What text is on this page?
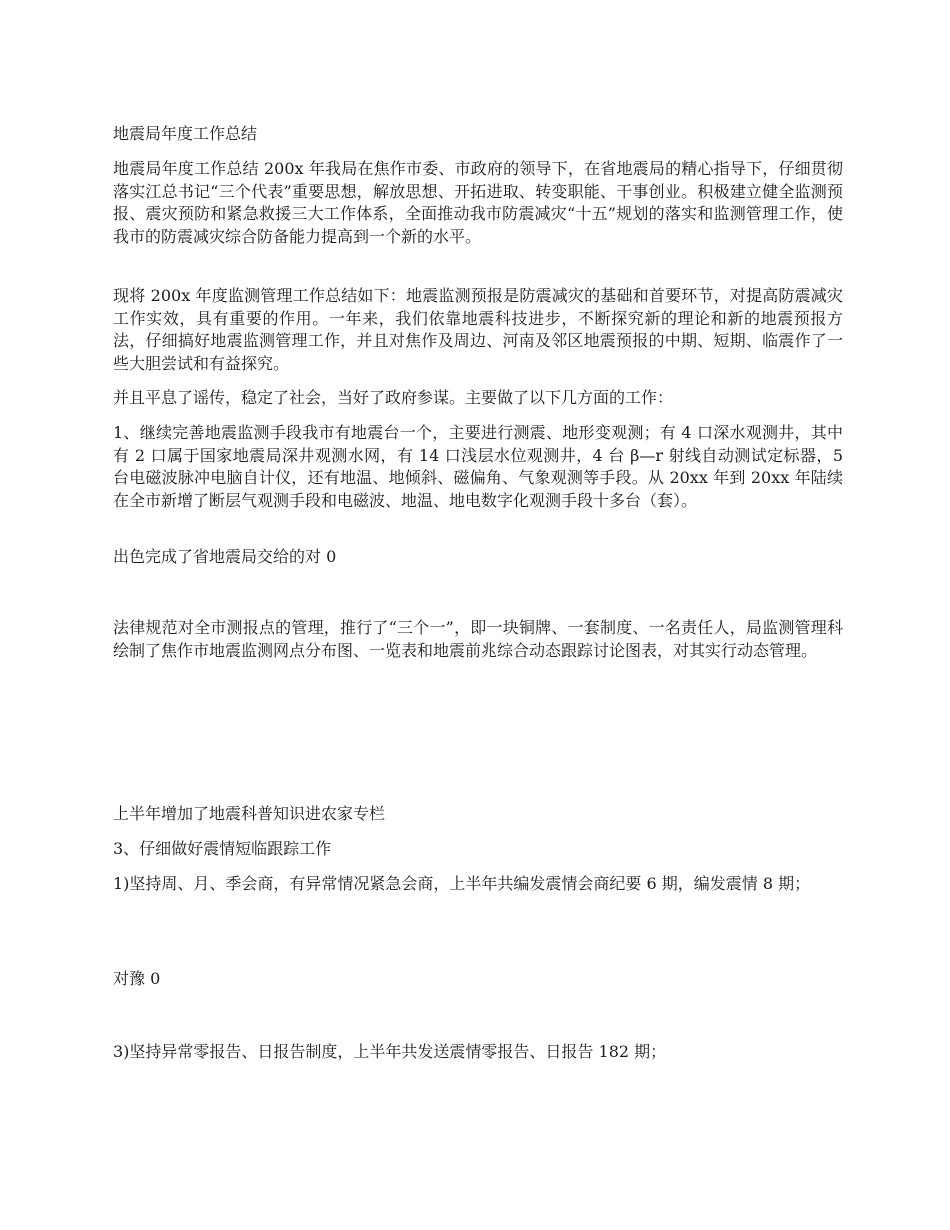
地震局年度工作总结

地震局年度工作总结 200x 年我局在焦作市委、市政府的领导下，在省地震局的精心指导下，仔细贯彻落实江总书记“三个代表”重要思想，解放思想、开拓进取、转变职能、干事创业。积极建立健全监测预报、震灾预防和紧急救援三大工作体系，全面推动我市防震减灾“十五”规划的落实和监测管理工作，使我市的防震减灾综合防备能力提高到一个新的水平。

现将 200x 年度监测管理工作总结如下：地震监测预报是防震减灾的基础和首要环节，对提高防震减灾工作实效，具有重要的作用。一年来，我们依靠地震科技进步，不断探究新的理论和新的地震预报方法，仔细搞好地震监测管理工作，并且对焦作及周边、河南及邻区地震预报的中期、短期、临震作了一些大胆尝试和有益探究。

并且平息了谣传，稳定了社会，当好了政府参谋。主要做了以下几方面的工作：

1、继续完善地震监测手段我市有地震台一个，主要进行测震、地形变观测；有 4 口深水观测井，其中有 2 口属于国家地震局深井观测水网，有 14 口浅层水位观测井，4 台 β—r 射线自动测试定标器，5 台电磁波脉冲电脑自计仪，还有地温、地倾斜、磁偏角、气象观测等手段。从 20xx 年到 20xx 年陆续在全市新增了断层气观测手段和电磁波、地温、地电数字化观测手段十多台（套）。

出色完成了省地震局交给的对 0

法律规范对全市测报点的管理，推行了“三个一”，即一块铜牌、一套制度、一名责任人，局监测管理科绘制了焦作市地震监测网点分布图、一览表和地震前兆综合动态跟踪讨论图表，对其实行动态管理。

上半年增加了地震科普知识进农家专栏

3、仔细做好震情短临跟踪工作

1)坚持周、月、季会商，有异常情况紧急会商，上半年共编发震情会商纪要 6 期，编发震情 8 期；

对豫 0

3)坚持异常零报告、日报告制度，上半年共发送震情零报告、日报告 182 期；
